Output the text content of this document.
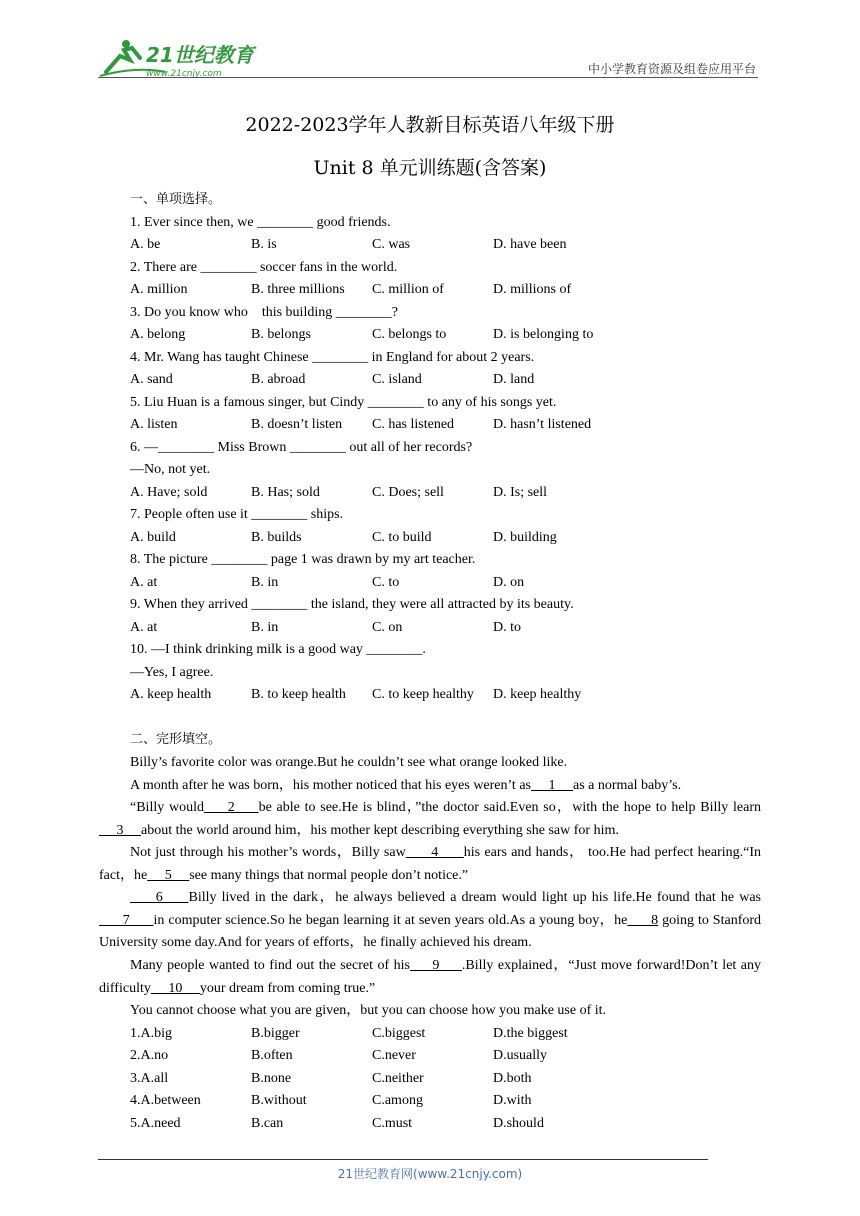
21世纪教育
www.21cnjy.com	中小学教育资源及组卷应用平台
2022-2023学年人教新目标英语八年级下册
Unit 8 单元训练题(含答案)
一、单项选择。
1. Ever since then, we ________ good friends.
A. be	B. is	C. was	D. have been
2. There are ________ soccer fans in the world.
A. million	B. three millions C. million of	D. millions of
3. Do you know who    this building ________?
A. belong	B. belongs	C. belongs to	D. is belonging to
4. Mr. Wang has taught Chinese ________ in England for about 2 years.
A. sand	B. abroad	C. island	D. land
5. Liu Huan is a famous singer, but Cindy ________ to any of his songs yet.
A. listen	B. doesn’t listen C. has listened	D. hasn’t listened
6. —________ Miss Brown ________ out all of her records?
—No, not yet.
A. Have; sold	B. Has; sold	C. Does; sell	D. Is; sell
7. People often use it ________ ships.
A. build	B. builds	C. to build	D. building
8. The picture ________ page 1 was drawn by my art teacher.
A. at	B. in	C. to	D. on
9. When they arrived ________ the island, they were all attracted by its beauty.
A. at	B. in	C. on	D. to
10. —I think drinking milk is a good way ________.
—Yes, I agree.
A. keep health	B. to keep health C. to keep healthy D. keep healthy
二、完形填空。
Billy’s favorite color was orange.But he couldn’t see what orange looked like.
A month after he was born，his mother noticed that his eyes weren’t as     1     as a normal baby’s.
“Billy would     2     be able to see.He is blind，”the doctor said.Even so，with the hope to help Billy learn     3     about the world around him，his mother kept describing everything she saw for him.
Not just through his mother’s words，Billy saw      4      his ears and hands， too.He had perfect hearing.“In fact，he     5     see many things that normal people don’t notice.”
6     Billy lived in the dark，he always believed a dream would light up his life.He found that he was      7      in computer science.So he began learning it at seven years old.As a young boy，he      8 going to Stanford University some day.And for years of efforts，he finally achieved his dream.
Many people wanted to find out the secret of his     9     .Billy explained，“Just move forward!Don’t let any difficulty     10     your dream from coming true.”
You cannot choose what you are given，but you can choose how you make use of it.
1.A.big	B.bigger	C.biggest	D.the biggest
2.A.no	B.often	C.never	D.usually
3.A.all	B.none	C.neither	D.both
4.A.between	B.without	C.among	D.with
5.A.need	B.can	C.must	D.should
21世纪教育网(www.21cnjy.com)
